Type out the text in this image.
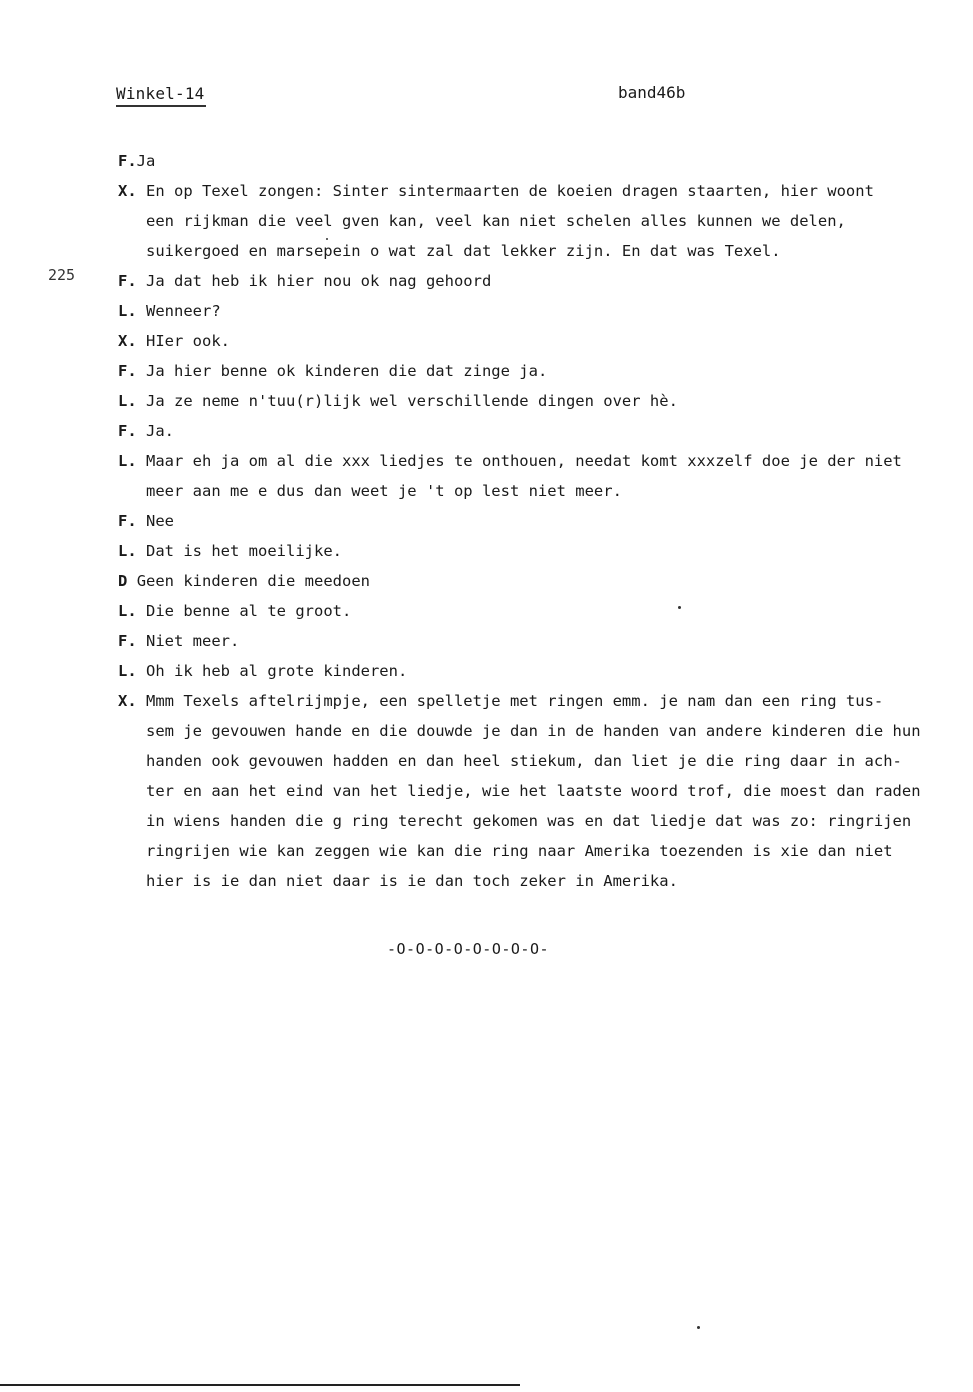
Winkel-14	band46b
225
F.Ja
X. En op Texel zongen: Sinter sintermaarten de koeien dragen staarten, hier woont
een rijkman die veel gven kan, veel kan niet schelen alles kunnen we delen,
suikergoed en marsepein o wat zal dat lekker zijn. En dat was Texel.
F. Ja dat heb ik hier nou ok nag gehoord
L. Wenneer?
X. HIer ook.
F. Ja hier benne ok kinderen die dat zinge ja.
L. Ja ze neme n'tuu(r)lijk wel verschillende dingen over hè.
F. Ja.
L. Maar eh ja om al die xxx liedjes te onthouen, needat komt xxxzelf doe je der niet
meer aan me e dus dan weet je 't op lest niet meer.
F. Nee
L. Dat is het moeilijke.
D Geen kinderen die meedoen
L. Die benne al te groot.
F. Niet meer.
L. Oh ik heb al grote kinderen.
X. Mmm Texels aftelrijmpje, een spelletje met ringen emm. je nam dan een ring tus-
sem je gevouwen hande en die douwde je dan in de handen van andere kinderen die hun
handen ook gevouwen hadden en dan heel stiekum, dan liet je die ring daar in ach-
ter en aan het eind van het liedje, wie het laatste woord trof, die moest dan raden
in wiens handen die g ring terecht gekomen was en dat liedje dat was zo: ringrijen
ringrijen wie kan zeggen wie kan die ring naar Amerika toezenden is xie dan niet
hier is ie dan niet daar is ie dan toch zeker in Amerika.
-O-O-O-O-O-O-O-O-
